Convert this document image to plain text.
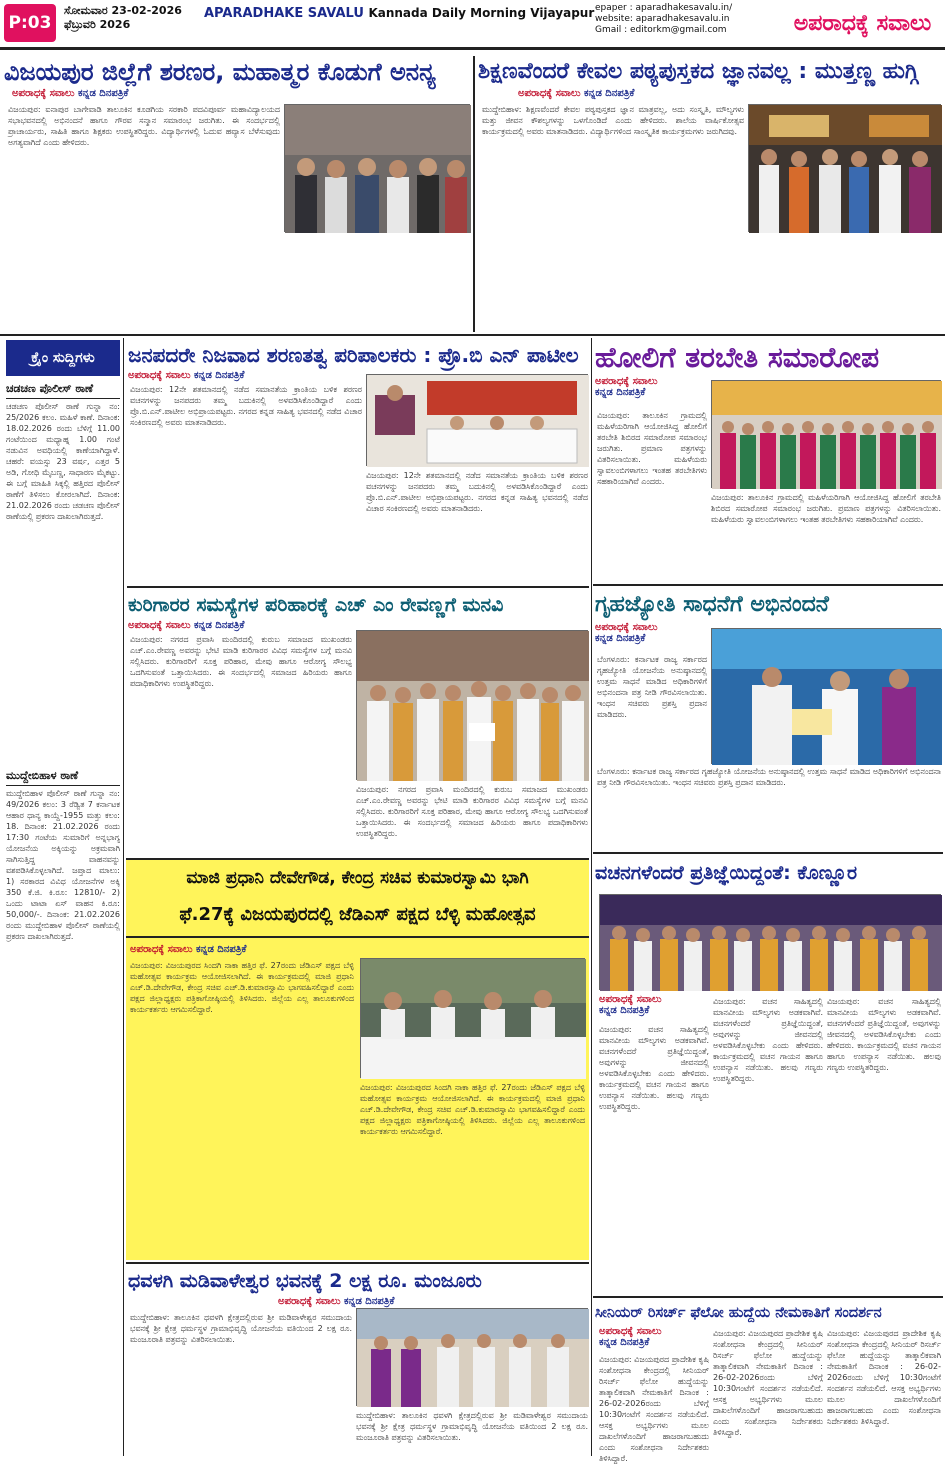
P:03
ಸೋಮವಾರ 23-02-2026
ಫೆಬ್ರುವರಿ 2026
APARADHAKE SAVALU Kannada Daily Morning Vijayapur epaper : aparadhakesavalu.in/
website: aparadhakesavalu.in
Gmail : editorkm@gmail.com	ಅಪರಾಧಕ್ಕೆ ಸವಾಲು
ವಿಜಯಪುರ ಜಿಲ್ಲೆಗೆ ಶರಣರ, ಮಹಾತ್ಮರ ಕೊಡುಗೆ ಅನನ್ಯ
ಅಪರಾಧಕ್ಕೆ ಸವಾಲು ಕನ್ನಡ ದಿನಪತ್ರಿಕೆ
ವಿಜಯಪುರ: ಐನಾಪುರ ಬಾಗೇವಾಡಿ ತಾಲೂಕಿನ ಕೂಡಗಿಯ ಸರಕಾರಿ ಪದವಿಪೂರ್ವ ಮಹಾವಿದ್ಯಾಲಯದ ಸಭಾಭವನದಲ್ಲಿ ಅಭಿನಂದನೆ ಹಾಗೂ ಗೌರವ ಸನ್ಮಾನ ಸಮಾರಂಭ ಜರುಗಿತು. ಈ ಸಂದರ್ಭದಲ್ಲಿ ಪ್ರಾಚಾರ್ಯರು, ಸಾಹಿತಿ ಹಾಗೂ ಶಿಕ್ಷಕರು ಉಪಸ್ಥಿತರಿದ್ದರು. ವಿದ್ಯಾರ್ಥಿಗಳಲ್ಲಿ ಓದುವ ಹವ್ಯಾಸ ಬೆಳೆಸುವುದು ಅಗತ್ಯವಾಗಿದೆ ಎಂದು ಹೇಳಿದರು.
ಶಿಕ್ಷಣವೆಂದರೆ ಕೇವಲ ಪಠ್ಯಪುಸ್ತಕದ ಜ್ಞಾನವಲ್ಲ : ಮುತ್ತಣ್ಣ ಹುಗ್ಗಿ
ಅಪರಾಧಕ್ಕೆ ಸವಾಲು ಕನ್ನಡ ದಿನಪತ್ರಿಕೆ
ಮುದ್ದೇಬಿಹಾಳ: ಶಿಕ್ಷಣವೆಂದರೆ ಕೇವಲ ಪಠ್ಯಪುಸ್ತಕದ ಜ್ಞಾನ ಮಾತ್ರವಲ್ಲ, ಅದು ಸಂಸ್ಕೃತಿ, ಮೌಲ್ಯಗಳು ಮತ್ತು ಜೀವನ ಕೌಶಲ್ಯಗಳನ್ನು ಒಳಗೊಂಡಿದೆ ಎಂದು ಹೇಳಿದರು. ಶಾಲೆಯ ವಾರ್ಷಿಕೋತ್ಸವ ಕಾರ್ಯಕ್ರಮದಲ್ಲಿ ಅವರು ಮಾತನಾಡಿದರು. ವಿದ್ಯಾರ್ಥಿಗಳಿಂದ ಸಾಂಸ್ಕೃತಿಕ ಕಾರ್ಯಕ್ರಮಗಳು ಜರುಗಿದವು.
ಕ್ರೈಂ ಸುದ್ದಿಗಳು
ಚಡಚಣ ಪೊಲೀಸ್ ಠಾಣೆ
ಚಡಚಣ ಪೊಲೀಸ್ ಠಾಣೆ ಗುನ್ನಾ ನಂ: 25/2026 ಕಲಂ. ಮಹಿಳೆ ಕಾಣೆ. ದಿನಾಂಕ: 18.02.2026 ರಂದು ಬೆಳಿಗ್ಗೆ 11.00 ಗಂಟೆಯಿಂದ ಮಧ್ಯಾಹ್ನ 1.00 ಗಂಟೆ ನಡುವಿನ ಅವಧಿಯಲ್ಲಿ ಕಾಣೆಯಾಗಿದ್ದಾಳೆ. ಚಹರೆ: ವಯಸ್ಸು 23 ವರ್ಷ, ಎತ್ತರ 5 ಅಡಿ, ಗೋಧಿ ಮೈಬಣ್ಣ, ಸಾಧಾರಣ ಮೈಕಟ್ಟು. ಈ ಬಗ್ಗೆ ಮಾಹಿತಿ ಸಿಕ್ಕಲ್ಲಿ ಹತ್ತಿರದ ಪೊಲೀಸ್ ಠಾಣೆಗೆ ತಿಳಿಸಲು ಕೋರಲಾಗಿದೆ. ದಿನಾಂಕ: 21.02.2026 ರಂದು ಚಡಚಣ ಪೊಲೀಸ್ ಠಾಣೆಯಲ್ಲಿ ಪ್ರಕರಣ ದಾಖಲಾಗಿರುತ್ತದೆ.
ಮುದ್ದೇಬಿಹಾಳ ಠಾಣೆ
ಮುದ್ದೇಬಿಹಾಳ ಪೊಲೀಸ್ ಠಾಣೆ ಗುನ್ನಾ ನಂ: 49/2026 ಕಲಂ: 3 ರೆಡ್ವಿತ 7 ಕರ್ನಾಟಕ ಆಹಾರ ಧಾನ್ಯ ಕಾಯ್ದೆ-1955 ಮತ್ತು ಕಲಂ: 18. ದಿನಾಂಕ: 21.02.2026 ರಂದು 17:30 ಗಂಟೆಯ ಸುಮಾರಿಗೆ ಅನ್ನಭಾಗ್ಯ ಯೋಜನೆಯ ಅಕ್ಕಿಯನ್ನು ಅಕ್ರಮವಾಗಿ ಸಾಗಿಸುತ್ತಿದ್ದ ವಾಹನವನ್ನು ವಶಪಡಿಸಿಕೊಳ್ಳಲಾಗಿದೆ. ಜಪ್ತಾದ ಮಾಲು: 1) ಸರಕಾರದ ವಿವಿಧ ಯೋಜನೆಗಳ ಅಕ್ಕಿ 350 ಕೆ.ಜಿ. ಕಿ.ರೂ: 12810/- 2) ಒಂದು ಟಾಟಾ ಏಸ್ ವಾಹನ ಕಿ.ರೂ: 50,000/-. ದಿನಾಂಕ: 21.02.2026 ರಂದು ಮುದ್ದೇಬಿಹಾಳ ಪೊಲೀಸ್ ಠಾಣೆಯಲ್ಲಿ ಪ್ರಕರಣ ದಾಖಲಾಗಿರುತ್ತದೆ.
ಜನಪದರೇ ನಿಜವಾದ ಶರಣತತ್ವ ಪರಿಪಾಲಕರು : ಪ್ರೊ.ಬಿ ಎನ್ ಪಾಟೀಲ
ಅಪರಾಧಕ್ಕೆ ಸವಾಲು ಕನ್ನಡ ದಿನಪತ್ರಿಕೆ
ವಿಜಯಪುರ: 12ನೇ ಶತಮಾನದಲ್ಲಿ ನಡೆದ ಸಮಾನತೆಯ ಕ್ರಾಂತಿಯ ಬಳಿಕ ಶರಣರ ವಚನಗಳನ್ನು ಜನಪದರು ತಮ್ಮ ಬದುಕಿನಲ್ಲಿ ಅಳವಡಿಸಿಕೊಂಡಿದ್ದಾರೆ ಎಂದು ಪ್ರೊ.ಬಿ.ಎನ್.ಪಾಟೀಲ ಅಭಿಪ್ರಾಯಪಟ್ಟರು. ನಗರದ ಕನ್ನಡ ಸಾಹಿತ್ಯ ಭವನದಲ್ಲಿ ನಡೆದ ವಿಚಾರ ಸಂಕಿರಣದಲ್ಲಿ ಅವರು ಮಾತನಾಡಿದರು.
ವಿಜಯಪುರ: 12ನೇ ಶತಮಾನದಲ್ಲಿ ನಡೆದ ಸಮಾನತೆಯ ಕ್ರಾಂತಿಯ ಬಳಿಕ ಶರಣರ ವಚನಗಳನ್ನು ಜನಪದರು ತಮ್ಮ ಬದುಕಿನಲ್ಲಿ ಅಳವಡಿಸಿಕೊಂಡಿದ್ದಾರೆ ಎಂದು ಪ್ರೊ.ಬಿ.ಎನ್.ಪಾಟೀಲ ಅಭಿಪ್ರಾಯಪಟ್ಟರು. ನಗರದ ಕನ್ನಡ ಸಾಹಿತ್ಯ ಭವನದಲ್ಲಿ ನಡೆದ ವಿಚಾರ ಸಂಕಿರಣದಲ್ಲಿ ಅವರು ಮಾತನಾಡಿದರು.
ಹೋಲಿಗೆ ತರಬೇತಿ ಸಮಾರೋಪ
ಅಪರಾಧಕ್ಕೆ ಸವಾಲು
ಕನ್ನಡ ದಿನಪತ್ರಿಕೆ
ವಿಜಯಪುರ: ತಾಲೂಕಿನ ಗ್ರಾಮದಲ್ಲಿ ಮಹಿಳೆಯರಿಗಾಗಿ ಆಯೋಜಿಸಿದ್ದ ಹೋಲಿಗೆ ತರಬೇತಿ ಶಿಬಿರದ ಸಮಾರೋಪ ಸಮಾರಂಭ ಜರುಗಿತು. ಪ್ರಮಾಣ ಪತ್ರಗಳನ್ನು ವಿತರಿಸಲಾಯಿತು. ಮಹಿಳೆಯರು ಸ್ವಾವಲಂಬಿಗಳಾಗಲು ಇಂತಹ ತರಬೇತಿಗಳು ಸಹಕಾರಿಯಾಗಿವೆ ಎಂದರು.
ವಿಜಯಪುರ: ತಾಲೂಕಿನ ಗ್ರಾಮದಲ್ಲಿ ಮಹಿಳೆಯರಿಗಾಗಿ ಆಯೋಜಿಸಿದ್ದ ಹೋಲಿಗೆ ತರಬೇತಿ ಶಿಬಿರದ ಸಮಾರೋಪ ಸಮಾರಂಭ ಜರುಗಿತು. ಪ್ರಮಾಣ ಪತ್ರಗಳನ್ನು ವಿತರಿಸಲಾಯಿತು. ಮಹಿಳೆಯರು ಸ್ವಾವಲಂಬಿಗಳಾಗಲು ಇಂತಹ ತರಬೇತಿಗಳು ಸಹಕಾರಿಯಾಗಿವೆ ಎಂದರು.
ಕುರಿಗಾರರ ಸಮಸ್ಯೆಗಳ ಪರಿಹಾರಕ್ಕೆ ಎಚ್ ಎಂ ರೇವಣ್ಣಗೆ ಮನವಿ
ಅಪರಾಧಕ್ಕೆ ಸವಾಲು ಕನ್ನಡ ದಿನಪತ್ರಿಕೆ
ವಿಜಯಪುರ: ನಗರದ ಪ್ರವಾಸಿ ಮಂದಿರದಲ್ಲಿ ಕುರುಬ ಸಮಾಜದ ಮುಖಂಡರು ಎಚ್.ಎಂ.ರೇವಣ್ಣ ಅವರನ್ನು ಭೇಟಿ ಮಾಡಿ ಕುರಿಗಾರರ ವಿವಿಧ ಸಮಸ್ಯೆಗಳ ಬಗ್ಗೆ ಮನವಿ ಸಲ್ಲಿಸಿದರು. ಕುರಿಗಾರರಿಗೆ ಸೂಕ್ತ ಪರಿಹಾರ, ಮೇವು ಹಾಗೂ ಆರೋಗ್ಯ ಸೌಲಭ್ಯ ಒದಗಿಸುವಂತೆ ಒತ್ತಾಯಿಸಿದರು. ಈ ಸಂದರ್ಭದಲ್ಲಿ ಸಮಾಜದ ಹಿರಿಯರು ಹಾಗೂ ಪದಾಧಿಕಾರಿಗಳು ಉಪಸ್ಥಿತರಿದ್ದರು.
ವಿಜಯಪುರ: ನಗರದ ಪ್ರವಾಸಿ ಮಂದಿರದಲ್ಲಿ ಕುರುಬ ಸಮಾಜದ ಮುಖಂಡರು ಎಚ್.ಎಂ.ರೇವಣ್ಣ ಅವರನ್ನು ಭೇಟಿ ಮಾಡಿ ಕುರಿಗಾರರ ವಿವಿಧ ಸಮಸ್ಯೆಗಳ ಬಗ್ಗೆ ಮನವಿ ಸಲ್ಲಿಸಿದರು. ಕುರಿಗಾರರಿಗೆ ಸೂಕ್ತ ಪರಿಹಾರ, ಮೇವು ಹಾಗೂ ಆರೋಗ್ಯ ಸೌಲಭ್ಯ ಒದಗಿಸುವಂತೆ ಒತ್ತಾಯಿಸಿದರು. ಈ ಸಂದರ್ಭದಲ್ಲಿ ಸಮಾಜದ ಹಿರಿಯರು ಹಾಗೂ ಪದಾಧಿಕಾರಿಗಳು ಉಪಸ್ಥಿತರಿದ್ದರು.
ಗೃಹಜ್ಯೋತಿ ಸಾಧನೆಗೆ ಅಭಿನಂದನೆ
ಅಪರಾಧಕ್ಕೆ ಸವಾಲು
ಕನ್ನಡ ದಿನಪತ್ರಿಕೆ
ಬೆಂಗಳೂರು: ಕರ್ನಾಟಕ ರಾಜ್ಯ ಸರ್ಕಾರದ ಗೃಹಜ್ಯೋತಿ ಯೋಜನೆಯ ಅನುಷ್ಠಾನದಲ್ಲಿ ಉತ್ತಮ ಸಾಧನೆ ಮಾಡಿದ ಅಧಿಕಾರಿಗಳಿಗೆ ಅಭಿನಂದನಾ ಪತ್ರ ನೀಡಿ ಗೌರವಿಸಲಾಯಿತು. ಇಂಧನ ಸಚಿವರು ಪ್ರಶಸ್ತಿ ಪ್ರದಾನ ಮಾಡಿದರು.
ಬೆಂಗಳೂರು: ಕರ್ನಾಟಕ ರಾಜ್ಯ ಸರ್ಕಾರದ ಗೃಹಜ್ಯೋತಿ ಯೋಜನೆಯ ಅನುಷ್ಠಾನದಲ್ಲಿ ಉತ್ತಮ ಸಾಧನೆ ಮಾಡಿದ ಅಧಿಕಾರಿಗಳಿಗೆ ಅಭಿನಂದನಾ ಪತ್ರ ನೀಡಿ ಗೌರವಿಸಲಾಯಿತು. ಇಂಧನ ಸಚಿವರು ಪ್ರಶಸ್ತಿ ಪ್ರದಾನ ಮಾಡಿದರು.
ಮಾಜಿ ಪ್ರಧಾನಿ ದೇವೇಗೌಡ, ಕೇಂದ್ರ ಸಚಿವ ಕುಮಾರಸ್ವಾಮಿ ಭಾಗಿ
ಫೆ.27ಕ್ಕೆ ವಿಜಯಪುರದಲ್ಲಿ ಜೆಡಿಎಸ್ ಪಕ್ಷದ ಬೆಳ್ಳಿ ಮಹೋತ್ಸವ
ಅಪರಾಧಕ್ಕೆ ಸವಾಲು ಕನ್ನಡ ದಿನಪತ್ರಿಕೆ
ವಿಜಯಪುರ: ವಿಜಯಪುರದ ಸಿಂದಗಿ ನಾಕಾ ಹತ್ತಿರ ಫೆ. 27ರಂದು ಜೆಡಿಎಸ್ ಪಕ್ಷದ ಬೆಳ್ಳಿ ಮಹೋತ್ಸವ ಕಾರ್ಯಕ್ರಮ ಆಯೋಜಿಸಲಾಗಿದೆ. ಈ ಕಾರ್ಯಕ್ರಮದಲ್ಲಿ ಮಾಜಿ ಪ್ರಧಾನಿ ಎಚ್.ಡಿ.ದೇವೇಗೌಡ, ಕೇಂದ್ರ ಸಚಿವ ಎಚ್.ಡಿ.ಕುಮಾರಸ್ವಾಮಿ ಭಾಗವಹಿಸಲಿದ್ದಾರೆ ಎಂದು ಪಕ್ಷದ ಜಿಲ್ಲಾಧ್ಯಕ್ಷರು ಪತ್ರಿಕಾಗೋಷ್ಠಿಯಲ್ಲಿ ತಿಳಿಸಿದರು. ಜಿಲ್ಲೆಯ ಎಲ್ಲ ತಾಲೂಕುಗಳಿಂದ ಕಾರ್ಯಕರ್ತರು ಆಗಮಿಸಲಿದ್ದಾರೆ.
ವಿಜಯಪುರ: ವಿಜಯಪುರದ ಸಿಂದಗಿ ನಾಕಾ ಹತ್ತಿರ ಫೆ. 27ರಂದು ಜೆಡಿಎಸ್ ಪಕ್ಷದ ಬೆಳ್ಳಿ ಮಹೋತ್ಸವ ಕಾರ್ಯಕ್ರಮ ಆಯೋಜಿಸಲಾಗಿದೆ. ಈ ಕಾರ್ಯಕ್ರಮದಲ್ಲಿ ಮಾಜಿ ಪ್ರಧಾನಿ ಎಚ್.ಡಿ.ದೇವೇಗೌಡ, ಕೇಂದ್ರ ಸಚಿವ ಎಚ್.ಡಿ.ಕುಮಾರಸ್ವಾಮಿ ಭಾಗವಹಿಸಲಿದ್ದಾರೆ ಎಂದು ಪಕ್ಷದ ಜಿಲ್ಲಾಧ್ಯಕ್ಷರು ಪತ್ರಿಕಾಗೋಷ್ಠಿಯಲ್ಲಿ ತಿಳಿಸಿದರು. ಜಿಲ್ಲೆಯ ಎಲ್ಲ ತಾಲೂಕುಗಳಿಂದ ಕಾರ್ಯಕರ್ತರು ಆಗಮಿಸಲಿದ್ದಾರೆ.
ವಚನಗಳೆಂದರೆ ಪ್ರತಿಜ್ಞೆಯಿದ್ದಂತೆ: ಕೊಣ್ಣೂರ
ಅಪರಾಧಕ್ಕೆ ಸವಾಲು
ಕನ್ನಡ ದಿನಪತ್ರಿಕೆ
ವಿಜಯಪುರ: ವಚನ ಸಾಹಿತ್ಯದಲ್ಲಿ ಮಾನವೀಯ ಮೌಲ್ಯಗಳು ಅಡಕವಾಗಿವೆ. ವಚನಗಳೆಂದರೆ ಪ್ರತಿಜ್ಞೆಯಿದ್ದಂತೆ, ಅವುಗಳನ್ನು ಜೀವನದಲ್ಲಿ ಅಳವಡಿಸಿಕೊಳ್ಳಬೇಕು ಎಂದು ಹೇಳಿದರು. ಕಾರ್ಯಕ್ರಮದಲ್ಲಿ ವಚನ ಗಾಯನ ಹಾಗೂ ಉಪನ್ಯಾಸ ನಡೆಯಿತು. ಹಲವು ಗಣ್ಯರು ಉಪಸ್ಥಿತರಿದ್ದರು.
ವಿಜಯಪುರ: ವಚನ ಸಾಹಿತ್ಯದಲ್ಲಿ ಮಾನವೀಯ ಮೌಲ್ಯಗಳು ಅಡಕವಾಗಿವೆ. ವಚನಗಳೆಂದರೆ ಪ್ರತಿಜ್ಞೆಯಿದ್ದಂತೆ, ಅವುಗಳನ್ನು ಜೀವನದಲ್ಲಿ ಅಳವಡಿಸಿಕೊಳ್ಳಬೇಕು ಎಂದು ಹೇಳಿದರು. ಕಾರ್ಯಕ್ರಮದಲ್ಲಿ ವಚನ ಗಾಯನ ಹಾಗೂ ಉಪನ್ಯಾಸ ನಡೆಯಿತು. ಹಲವು ಗಣ್ಯರು ಉಪಸ್ಥಿತರಿದ್ದರು.
ವಿಜಯಪುರ: ವಚನ ಸಾಹಿತ್ಯದಲ್ಲಿ ಮಾನವೀಯ ಮೌಲ್ಯಗಳು ಅಡಕವಾಗಿವೆ. ವಚನಗಳೆಂದರೆ ಪ್ರತಿಜ್ಞೆಯಿದ್ದಂತೆ, ಅವುಗಳನ್ನು ಜೀವನದಲ್ಲಿ ಅಳವಡಿಸಿಕೊಳ್ಳಬೇಕು ಎಂದು ಹೇಳಿದರು. ಕಾರ್ಯಕ್ರಮದಲ್ಲಿ ವಚನ ಗಾಯನ ಹಾಗೂ ಉಪನ್ಯಾಸ ನಡೆಯಿತು. ಹಲವು ಗಣ್ಯರು ಉಪಸ್ಥಿತರಿದ್ದರು.
ಧವಳಗಿ ಮಡಿವಾಳೇಶ್ವರ ಭವನಕ್ಕೆ 2 ಲಕ್ಷ ರೂ. ಮಂಜೂರು
ಅಪರಾಧಕ್ಕೆ ಸವಾಲು ಕನ್ನಡ ದಿನಪತ್ರಿಕೆ
ಮುದ್ದೇಬಿಹಾಳ: ತಾಲೂಕಿನ ಧವಳಗಿ ಕ್ಷೇತ್ರದಲ್ಲಿರುವ ಶ್ರೀ ಮಡಿವಾಳೇಶ್ವರ ಸಮುದಾಯ ಭವನಕ್ಕೆ ಶ್ರೀ ಕ್ಷೇತ್ರ ಧರ್ಮಸ್ಥಳ ಗ್ರಾಮಾಭಿವೃದ್ಧಿ ಯೋಜನೆಯ ವತಿಯಿಂದ 2 ಲಕ್ಷ ರೂ. ಮಂಜೂರಾತಿ ಪತ್ರವನ್ನು ವಿತರಿಸಲಾಯಿತು.
ಮುದ್ದೇಬಿಹಾಳ: ತಾಲೂಕಿನ ಧವಳಗಿ ಕ್ಷೇತ್ರದಲ್ಲಿರುವ ಶ್ರೀ ಮಡಿವಾಳೇಶ್ವರ ಸಮುದಾಯ ಭವನಕ್ಕೆ ಶ್ರೀ ಕ್ಷೇತ್ರ ಧರ್ಮಸ್ಥಳ ಗ್ರಾಮಾಭಿವೃದ್ಧಿ ಯೋಜನೆಯ ವತಿಯಿಂದ 2 ಲಕ್ಷ ರೂ. ಮಂಜೂರಾತಿ ಪತ್ರವನ್ನು ವಿತರಿಸಲಾಯಿತು.
ಸೀನಿಯರ್ ರಿಸರ್ಚ್ ಫೆಲೋ ಹುದ್ದೆಯ ನೇಮಕಾತಿಗೆ ಸಂದರ್ಶನ
ಅಪರಾಧಕ್ಕೆ ಸವಾಲು
ಕನ್ನಡ ದಿನಪತ್ರಿಕೆ
ವಿಜಯಪುರ: ವಿಜಯಪುರದ ಪ್ರಾದೇಶಿಕ ಕೃಷಿ ಸಂಶೋಧನಾ ಕೇಂದ್ರದಲ್ಲಿ ಸೀನಿಯರ್ ರಿಸರ್ಚ್ ಫೆಲೋ ಹುದ್ದೆಯನ್ನು ತಾತ್ಕಾಲಿಕವಾಗಿ ನೇಮಕಾತಿಗೆ ದಿನಾಂಕ : 26-02-2026ರಂದು ಬೆಳಿಗ್ಗೆ 10:30ಗಂಟೆಗೆ ಸಂದರ್ಶನ ನಡೆಯಲಿದೆ. ಆಸಕ್ತ ಅಭ್ಯರ್ಥಿಗಳು ಮೂಲ ದಾಖಲೆಗಳೊಂದಿಗೆ ಹಾಜರಾಗಬಹುದು ಎಂದು ಸಂಶೋಧನಾ ನಿರ್ದೇಶಕರು ತಿಳಿಸಿದ್ದಾರೆ.
ವಿಜಯಪುರ: ವಿಜಯಪುರದ ಪ್ರಾದೇಶಿಕ ಕೃಷಿ ಸಂಶೋಧನಾ ಕೇಂದ್ರದಲ್ಲಿ ಸೀನಿಯರ್ ರಿಸರ್ಚ್ ಫೆಲೋ ಹುದ್ದೆಯನ್ನು ತಾತ್ಕಾಲಿಕವಾಗಿ ನೇಮಕಾತಿಗೆ ದಿನಾಂಕ : 26-02-2026ರಂದು ಬೆಳಿಗ್ಗೆ 10:30ಗಂಟೆಗೆ ಸಂದರ್ಶನ ನಡೆಯಲಿದೆ. ಆಸಕ್ತ ಅಭ್ಯರ್ಥಿಗಳು ಮೂಲ ದಾಖಲೆಗಳೊಂದಿಗೆ ಹಾಜರಾಗಬಹುದು ಎಂದು ಸಂಶೋಧನಾ ನಿರ್ದೇಶಕರು ತಿಳಿಸಿದ್ದಾರೆ.
ವಿಜಯಪುರ: ವಿಜಯಪುರದ ಪ್ರಾದೇಶಿಕ ಕೃಷಿ ಸಂಶೋಧನಾ ಕೇಂದ್ರದಲ್ಲಿ ಸೀನಿಯರ್ ರಿಸರ್ಚ್ ಫೆಲೋ ಹುದ್ದೆಯನ್ನು ತಾತ್ಕಾಲಿಕವಾಗಿ ನೇಮಕಾತಿಗೆ ದಿನಾಂಕ : 26-02-2026ರಂದು ಬೆಳಿಗ್ಗೆ 10:30ಗಂಟೆಗೆ ಸಂದರ್ಶನ ನಡೆಯಲಿದೆ. ಆಸಕ್ತ ಅಭ್ಯರ್ಥಿಗಳು ಮೂಲ ದಾಖಲೆಗಳೊಂದಿಗೆ ಹಾಜರಾಗಬಹುದು ಎಂದು ಸಂಶೋಧನಾ ನಿರ್ದೇಶಕರು ತಿಳಿಸಿದ್ದಾರೆ.
